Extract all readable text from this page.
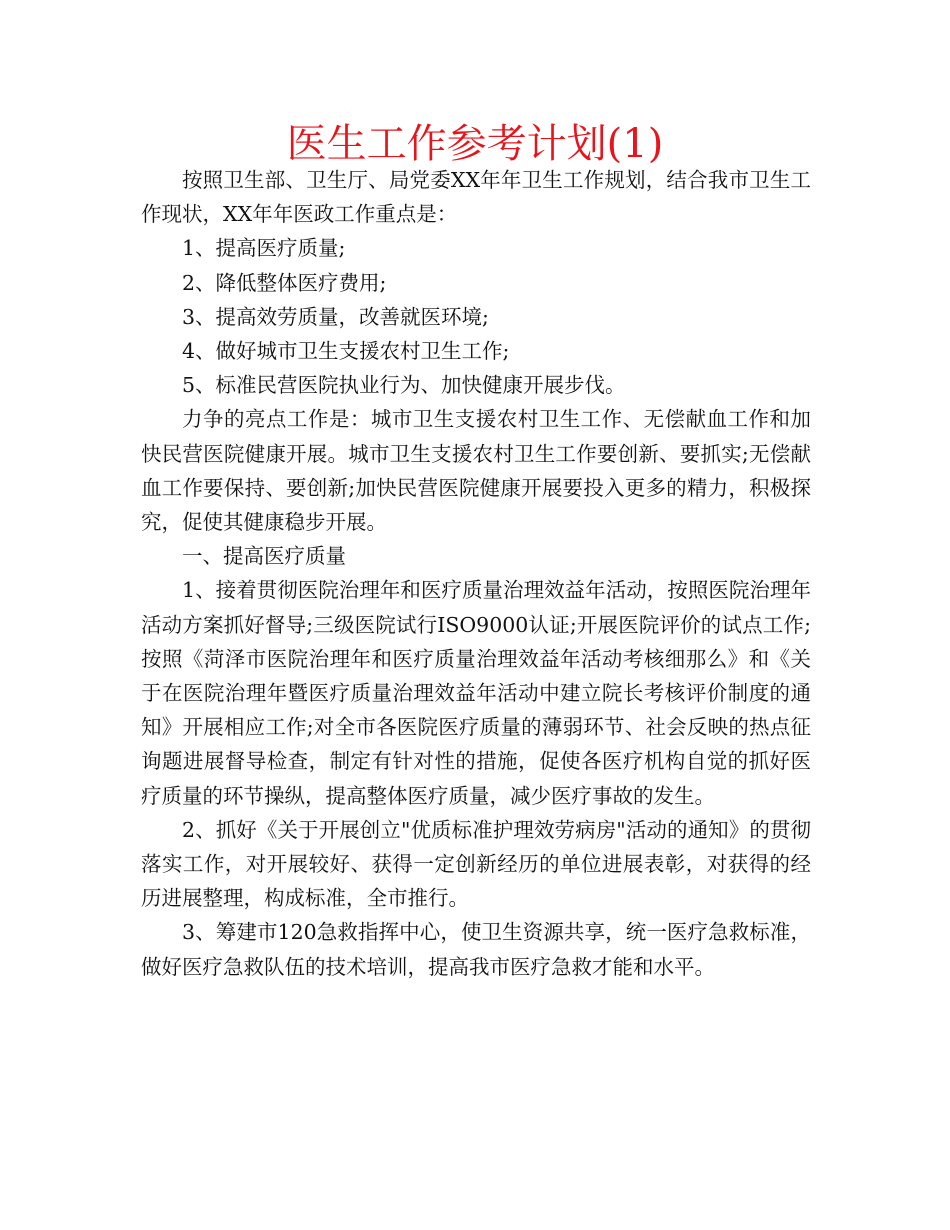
医生工作参考计划(1)

按照卫生部、卫生厅、局党委XX年年卫生工作规划，结合我市卫生工作现状，XX年年医政工作重点是：

1、提高医疗质量;

2、降低整体医疗费用;

3、提高效劳质量，改善就医环境;

4、做好城市卫生支援农村卫生工作;

5、标准民营医院执业行为、加快健康开展步伐。

力争的亮点工作是：城市卫生支援农村卫生工作、无偿献血工作和加快民营医院健康开展。城市卫生支援农村卫生工作要创新、要抓实;无偿献血工作要保持、要创新;加快民营医院健康开展要投入更多的精力，积极探究，促使其健康稳步开展。

一、提高医疗质量

1、接着贯彻医院治理年和医疗质量治理效益年活动，按照医院治理年活动方案抓好督导;三级医院试行ISO9000认证;开展医院评价的试点工作;按照《菏泽市医院治理年和医疗质量治理效益年活动考核细那么》和《关于在医院治理年暨医疗质量治理效益年活动中建立院长考核评价制度的通知》开展相应工作;对全市各医院医疗质量的薄弱环节、社会反映的热点征询题进展督导检查，制定有针对性的措施，促使各医疗机构自觉的抓好医疗质量的环节操纵，提高整体医疗质量，减少医疗事故的发生。

2、抓好《关于开展创立"优质标准护理效劳病房"活动的通知》的贯彻落实工作，对开展较好、获得一定创新经历的单位进展表彰，对获得的经历进展整理，构成标准，全市推行。

3、筹建市120急救指挥中心，使卫生资源共享，统一医疗急救标准，做好医疗急救队伍的技术培训，提高我市医疗急救才能和水平。
